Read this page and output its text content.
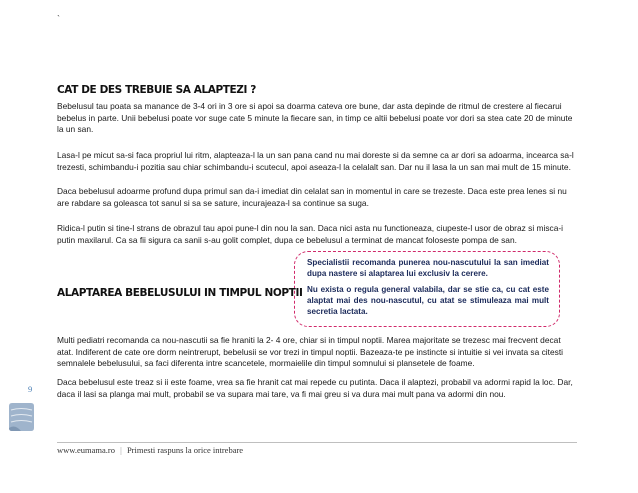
`
CAT DE DES TREBUIE SA ALAPTEZI ?

Bebelusul tau poata sa manance de 3-4 ori in 3 ore si apoi sa doarma cateva ore bune, dar asta depinde de ritmul de crestere al fiecarui bebelus in parte. Unii bebelusi poate vor suge cate 5 minute la fiecare san, in timp ce altii bebelusi poate vor dori sa stea cate 20 de minute la un san.

Lasa-l pe micut sa-si faca propriul lui ritm, alapteaza-l la un san pana cand nu mai doreste si da semne ca ar dori sa adoarma, incearca sa-l trezesti, schimbandu-i pozitia sau chiar schimbandu-i scutecul, apoi aseaza-l la celalalt san. Dar nu il lasa la un san mai mult de 15 minute.

Daca bebelusul adoarme profund dupa primul san da-i imediat din celalat san in momentul in care se trezeste. Daca este prea lenes si nu are rabdare sa goleasca tot sanul si sa se sature, incurajeaza-l sa continue sa suga.

Ridica-l putin si tine-l strans de obrazul tau apoi pune-l din nou la san. Daca nici asta nu functioneaza, ciupeste-l usor de obraz si misca-i putin maxilarul. Ca sa fii sigura ca sanii s-au golit complet, dupa ce bebelusul a terminat de mancat foloseste pompa de san.

Specialistii recomanda punerea nou-nascutului la san imediat dupa nastere si alaptarea lui exclusiv la cerere.

Nu exista o regula general valabila, dar se stie ca, cu cat este alaptat mai des nou-nascutul, cu atat se stimuleaza mai mult secretia lactata.

ALAPTAREA BEBELUSULUI IN TIMPUL NOPTII

Multi pediatri recomanda ca nou-nascutii sa fie hraniti la 2- 4 ore, chiar si in timpul noptii. Marea majoritate se trezesc mai frecvent decat atat. Indiferent de cate ore dorm neintrerupt, bebelusii se vor trezi in timpul noptii. Bazeaza-te pe instincte si intuitie si vei invata sa citesti semnalele bebelusului, sa faci diferenta intre scancetele, mormaielile din timpul somnului si plansetele de foame.

Daca bebelusul este treaz si ii este foame, vrea sa fie hranit cat mai repede cu putinta. Daca il alaptezi, probabil va adormi rapid la loc. Dar, daca il lasi sa planga mai mult, probabil se va supara mai tare, va fi mai greu si va dura mai mult pana va adormi din nou.

9
www.eumama.ro | Primesti raspuns la orice intrebare
